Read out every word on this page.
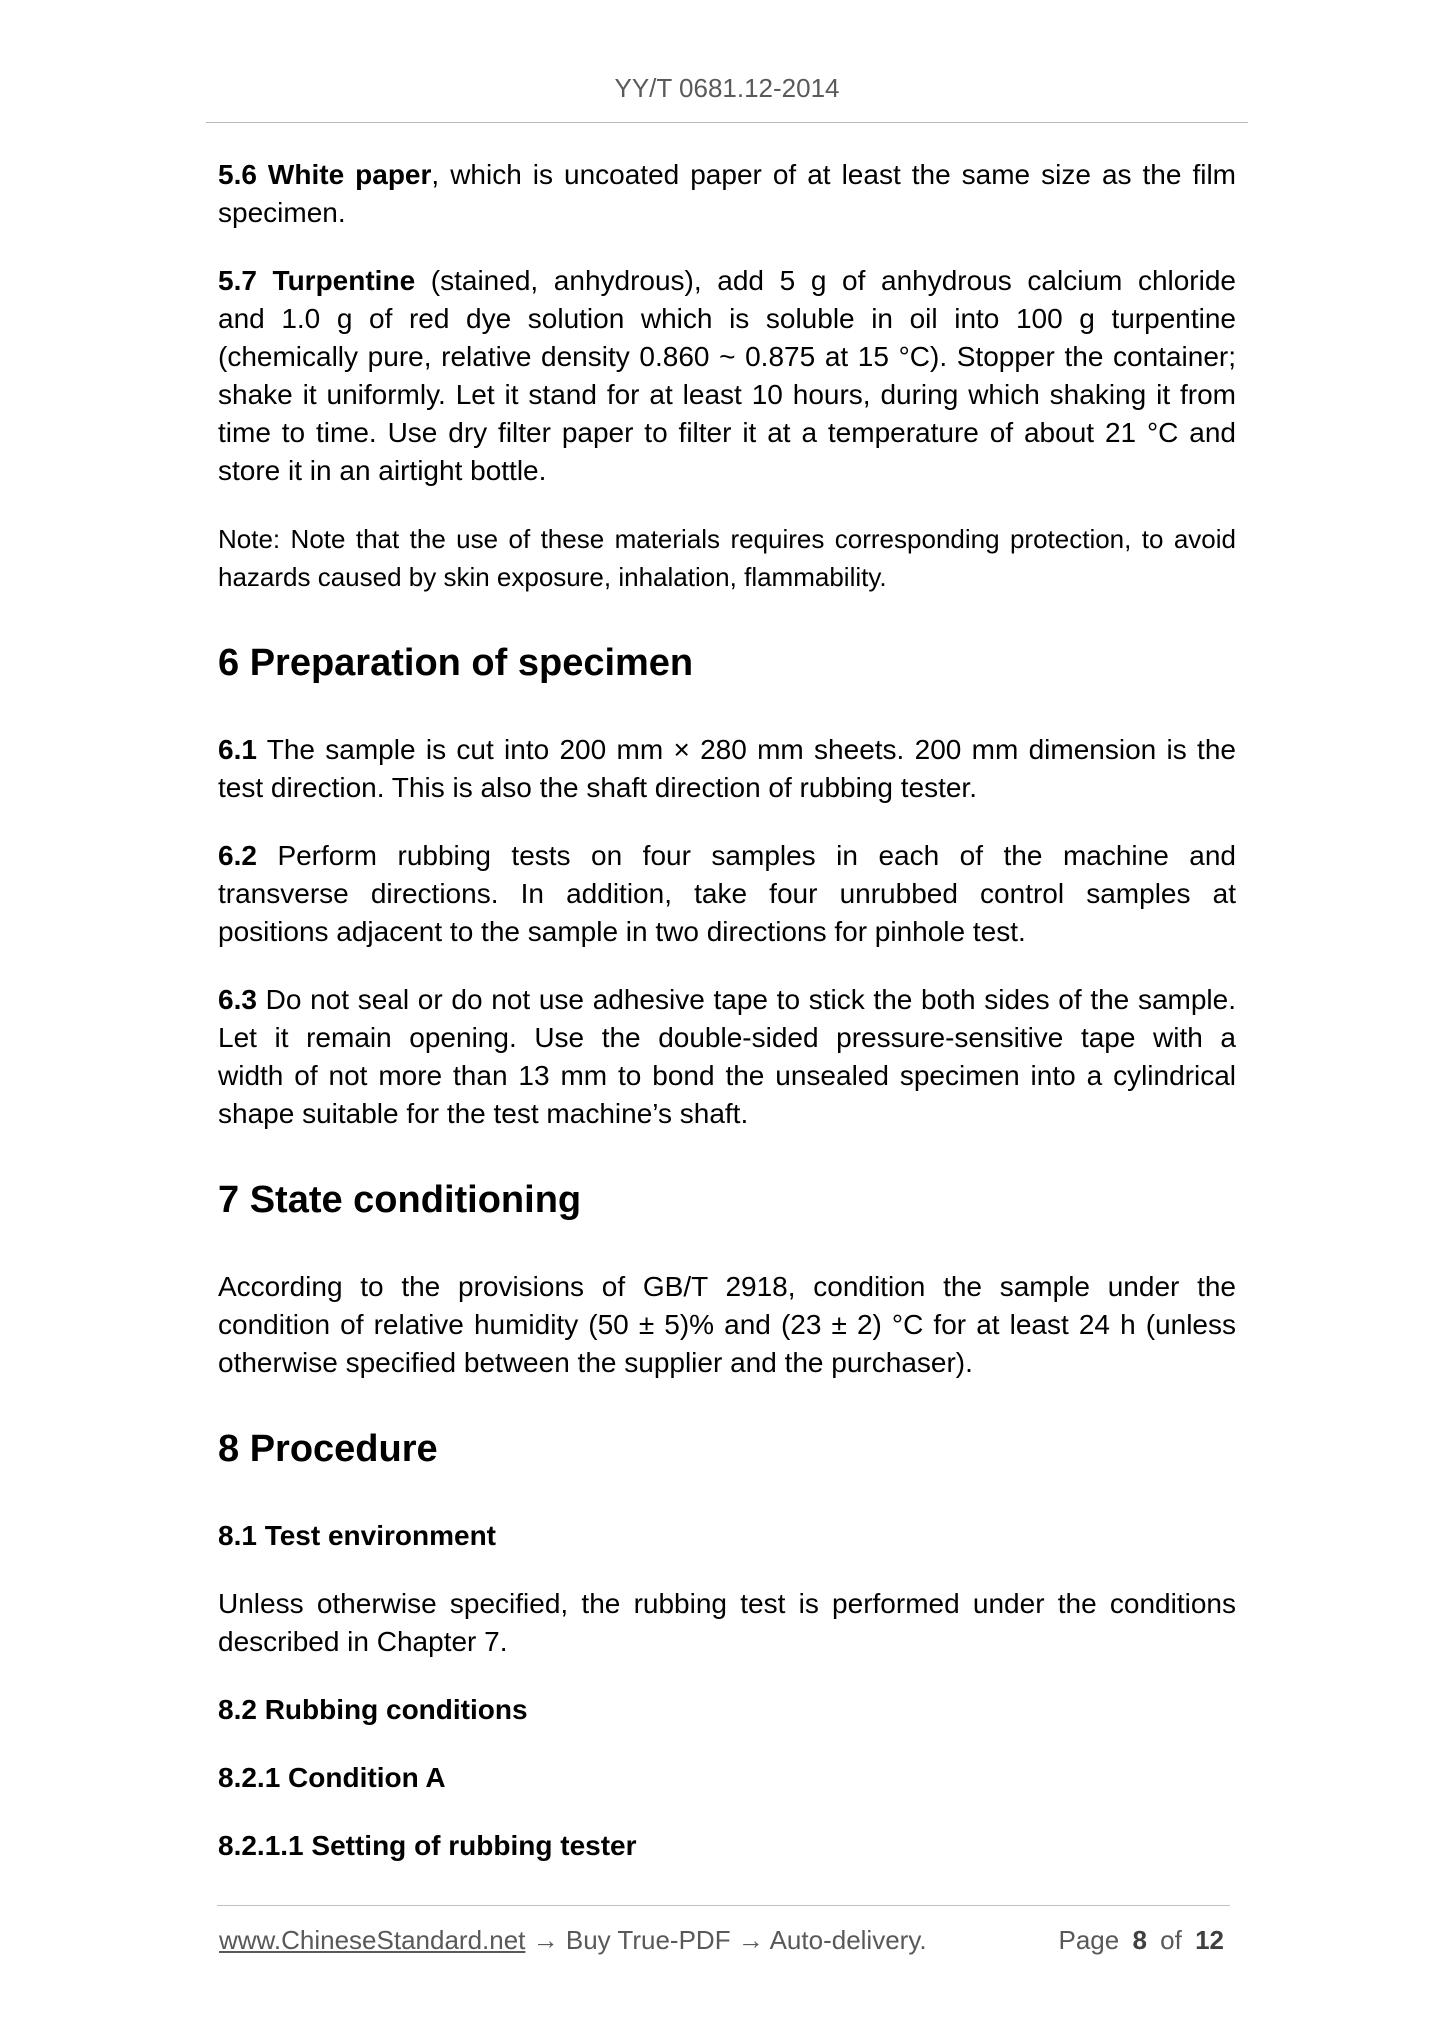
YY/T 0681.12-2014
5.6 White paper, which is uncoated paper of at least the same size as the film
specimen.
5.7 Turpentine (stained, anhydrous), add 5 g of anhydrous calcium chloride
and 1.0 g of red dye solution which is soluble in oil into 100 g turpentine
(chemically pure, relative density 0.860 ~ 0.875 at 15 °C). Stopper the container;
shake it uniformly. Let it stand for at least 10 hours, during which shaking it from
time to time. Use dry filter paper to filter it at a temperature of about 21 °C and
store it in an airtight bottle.
Note: Note that the use of these materials requires corresponding protection, to avoid
hazards caused by skin exposure, inhalation, flammability.
6 Preparation of specimen
6.1 The sample is cut into 200 mm × 280 mm sheets. 200 mm dimension is the
test direction. This is also the shaft direction of rubbing tester.
6.2 Perform rubbing tests on four samples in each of the machine and
transverse directions. In addition, take four unrubbed control samples at
positions adjacent to the sample in two directions for pinhole test.
6.3 Do not seal or do not use adhesive tape to stick the both sides of the sample.
Let it remain opening. Use the double-sided pressure-sensitive tape with a
width of not more than 13 mm to bond the unsealed specimen into a cylindrical
shape suitable for the test machine’s shaft.
7 State conditioning
According to the provisions of GB/T 2918, condition the sample under the
condition of relative humidity (50 ± 5)% and (23 ± 2) °C for at least 24 h (unless
otherwise specified between the supplier and the purchaser).
8 Procedure
8.1 Test environment
Unless otherwise specified, the rubbing test is performed under the conditions
described in Chapter 7.
8.2 Rubbing conditions
8.2.1 Condition A
8.2.1.1 Setting of rubbing tester
www.ChineseStandard.net → Buy True-PDF → Auto-delivery.	Page 8 of 12
